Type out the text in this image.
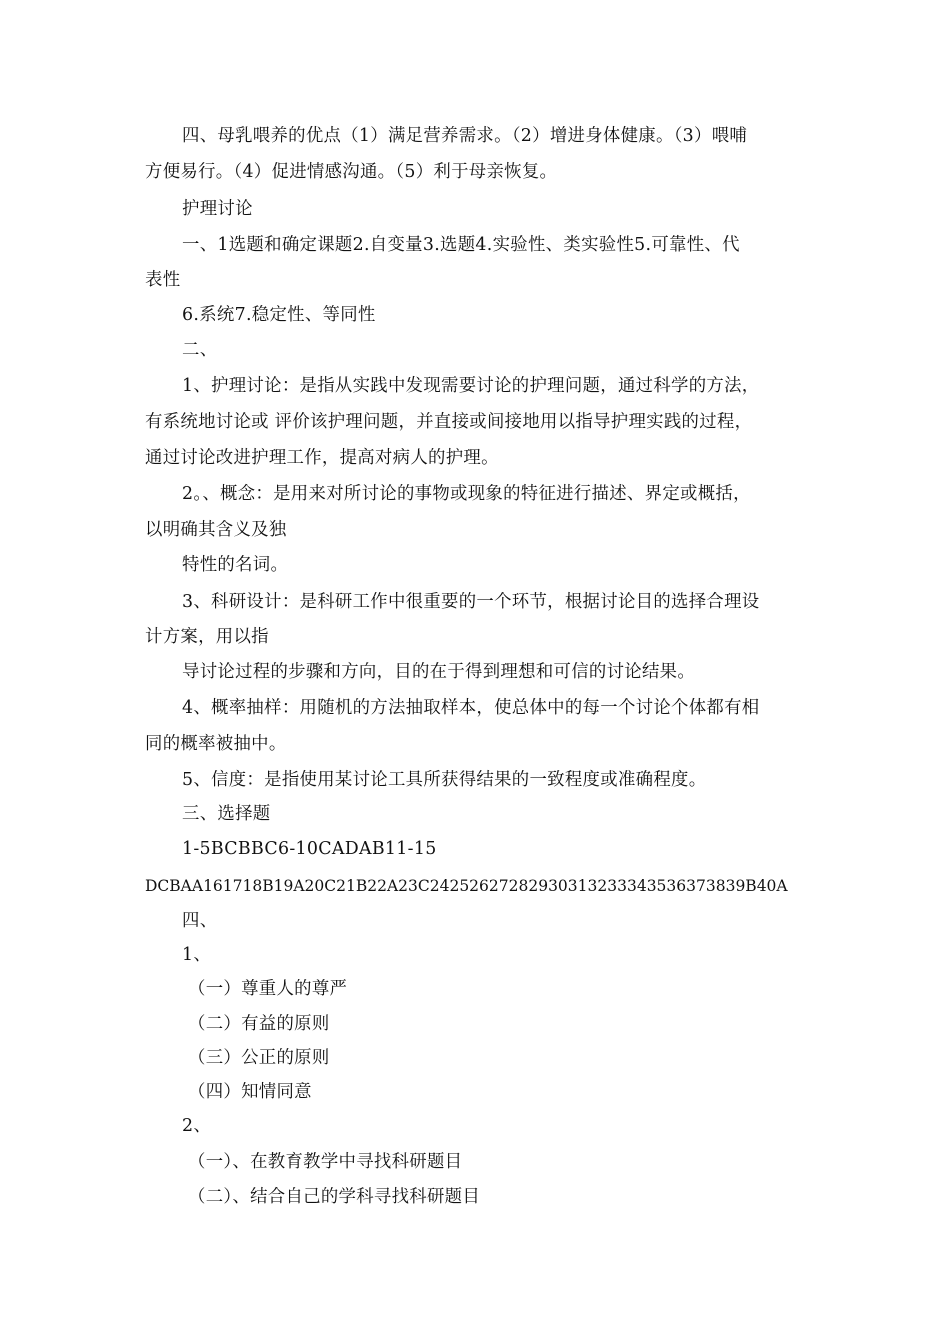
四、母乳喂养的优点（1）满足营养需求。（2）增进身体健康。（3）喂哺
方便易行。（4）促进情感沟通。（5）利于母亲恢复。
护理讨论
一、1选题和确定课题2.自变量3.选题4.实验性、类实验性5.可靠性、代
表性
6.系统7.稳定性、等同性
二、
1、护理讨论：是指从实践中发现需要讨论的护理问题，通过科学的方法，
有系统地讨论或 评价该护理问题，并直接或间接地用以指导护理实践的过程，
通过讨论改进护理工作，提高对病人的护理。
2。、概念：是用来对所讨论的事物或现象的特征进行描述、界定或概括，
以明确其含义及独
特性的名词。
3、科研设计：是科研工作中很重要的一个环节，根据讨论目的选择合理设
计方案，用以指
导讨论过程的步骤和方向，目的在于得到理想和可信的讨论结果。
4、概率抽样：用随机的方法抽取样本，使总体中的每一个讨论个体都有相
同的概率被抽中。
5、信度：是指使用某讨论工具所获得结果的一致程度或准确程度。
三、选择题
1-5BCBBC6-10CADAB11-15
DCBAA161718B19A20C21B22A23C24252627282930313233343536373839B40A
四、
1、
（一）尊重人的尊严
（二）有益的原则
（三）公正的原则
（四）知情同意
2、
（一）、在教育教学中寻找科研题目
（二）、结合自己的学科寻找科研题目
